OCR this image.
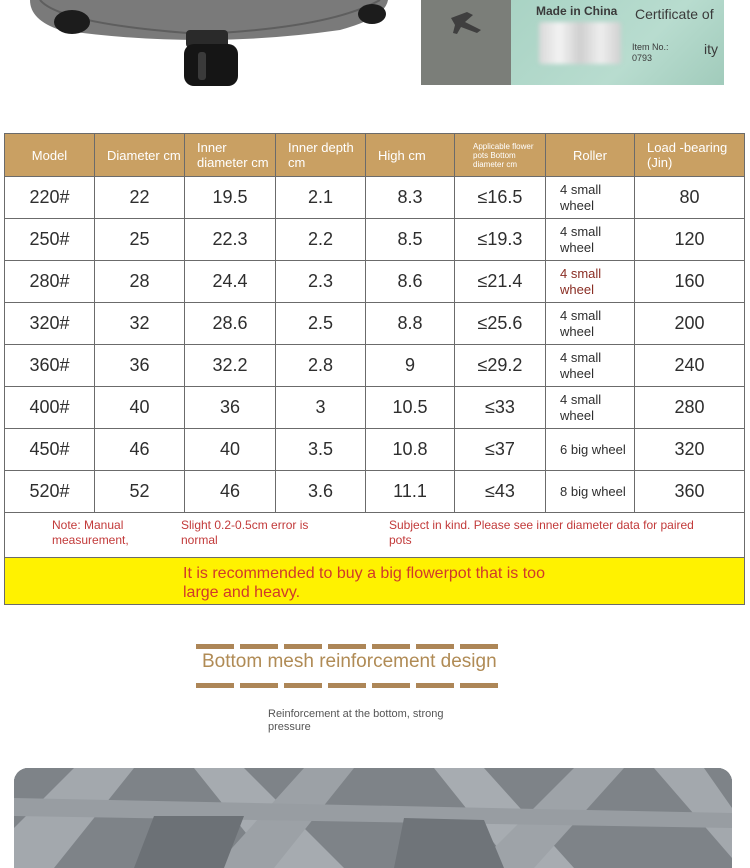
Made in China Certificate of
Item No.:
0793
ity
Model	Diameter cm	Inner diameter cm	Inner depth cm	High cm	Applicable flower pots Bottom diameter cm	Roller	Load -bearing (Jin)
220#	22	19.5	2.1	8.3	≤16.5	4 small wheel	80
250#	25	22.3	2.2	8.5	≤19.3	4 small wheel	120
280#	28	24.4	2.3	8.6	≤21.4	4 small wheel	160
320#	32	28.6	2.5	8.8	≤25.6	4 small wheel	200
360#	36	32.2	2.8	9	≤29.2	4 small wheel	240
400#	40	36	3	10.5	≤33	4 small wheel	280
450#	46	40	3.5	10.8	≤37	6 big wheel	320
520#	52	46	3.6	11.1	≤43	8 big wheel	360

Note: Manual measurement,
Slight 0.2-0.5cm error is normal
Subject in kind. Please see inner diameter data for paired pots							

It is recommended to buy a big flowerpot that is too large and heavy.							
Bottom mesh reinforcement design
Reinforcement at the bottom, strong pressure
